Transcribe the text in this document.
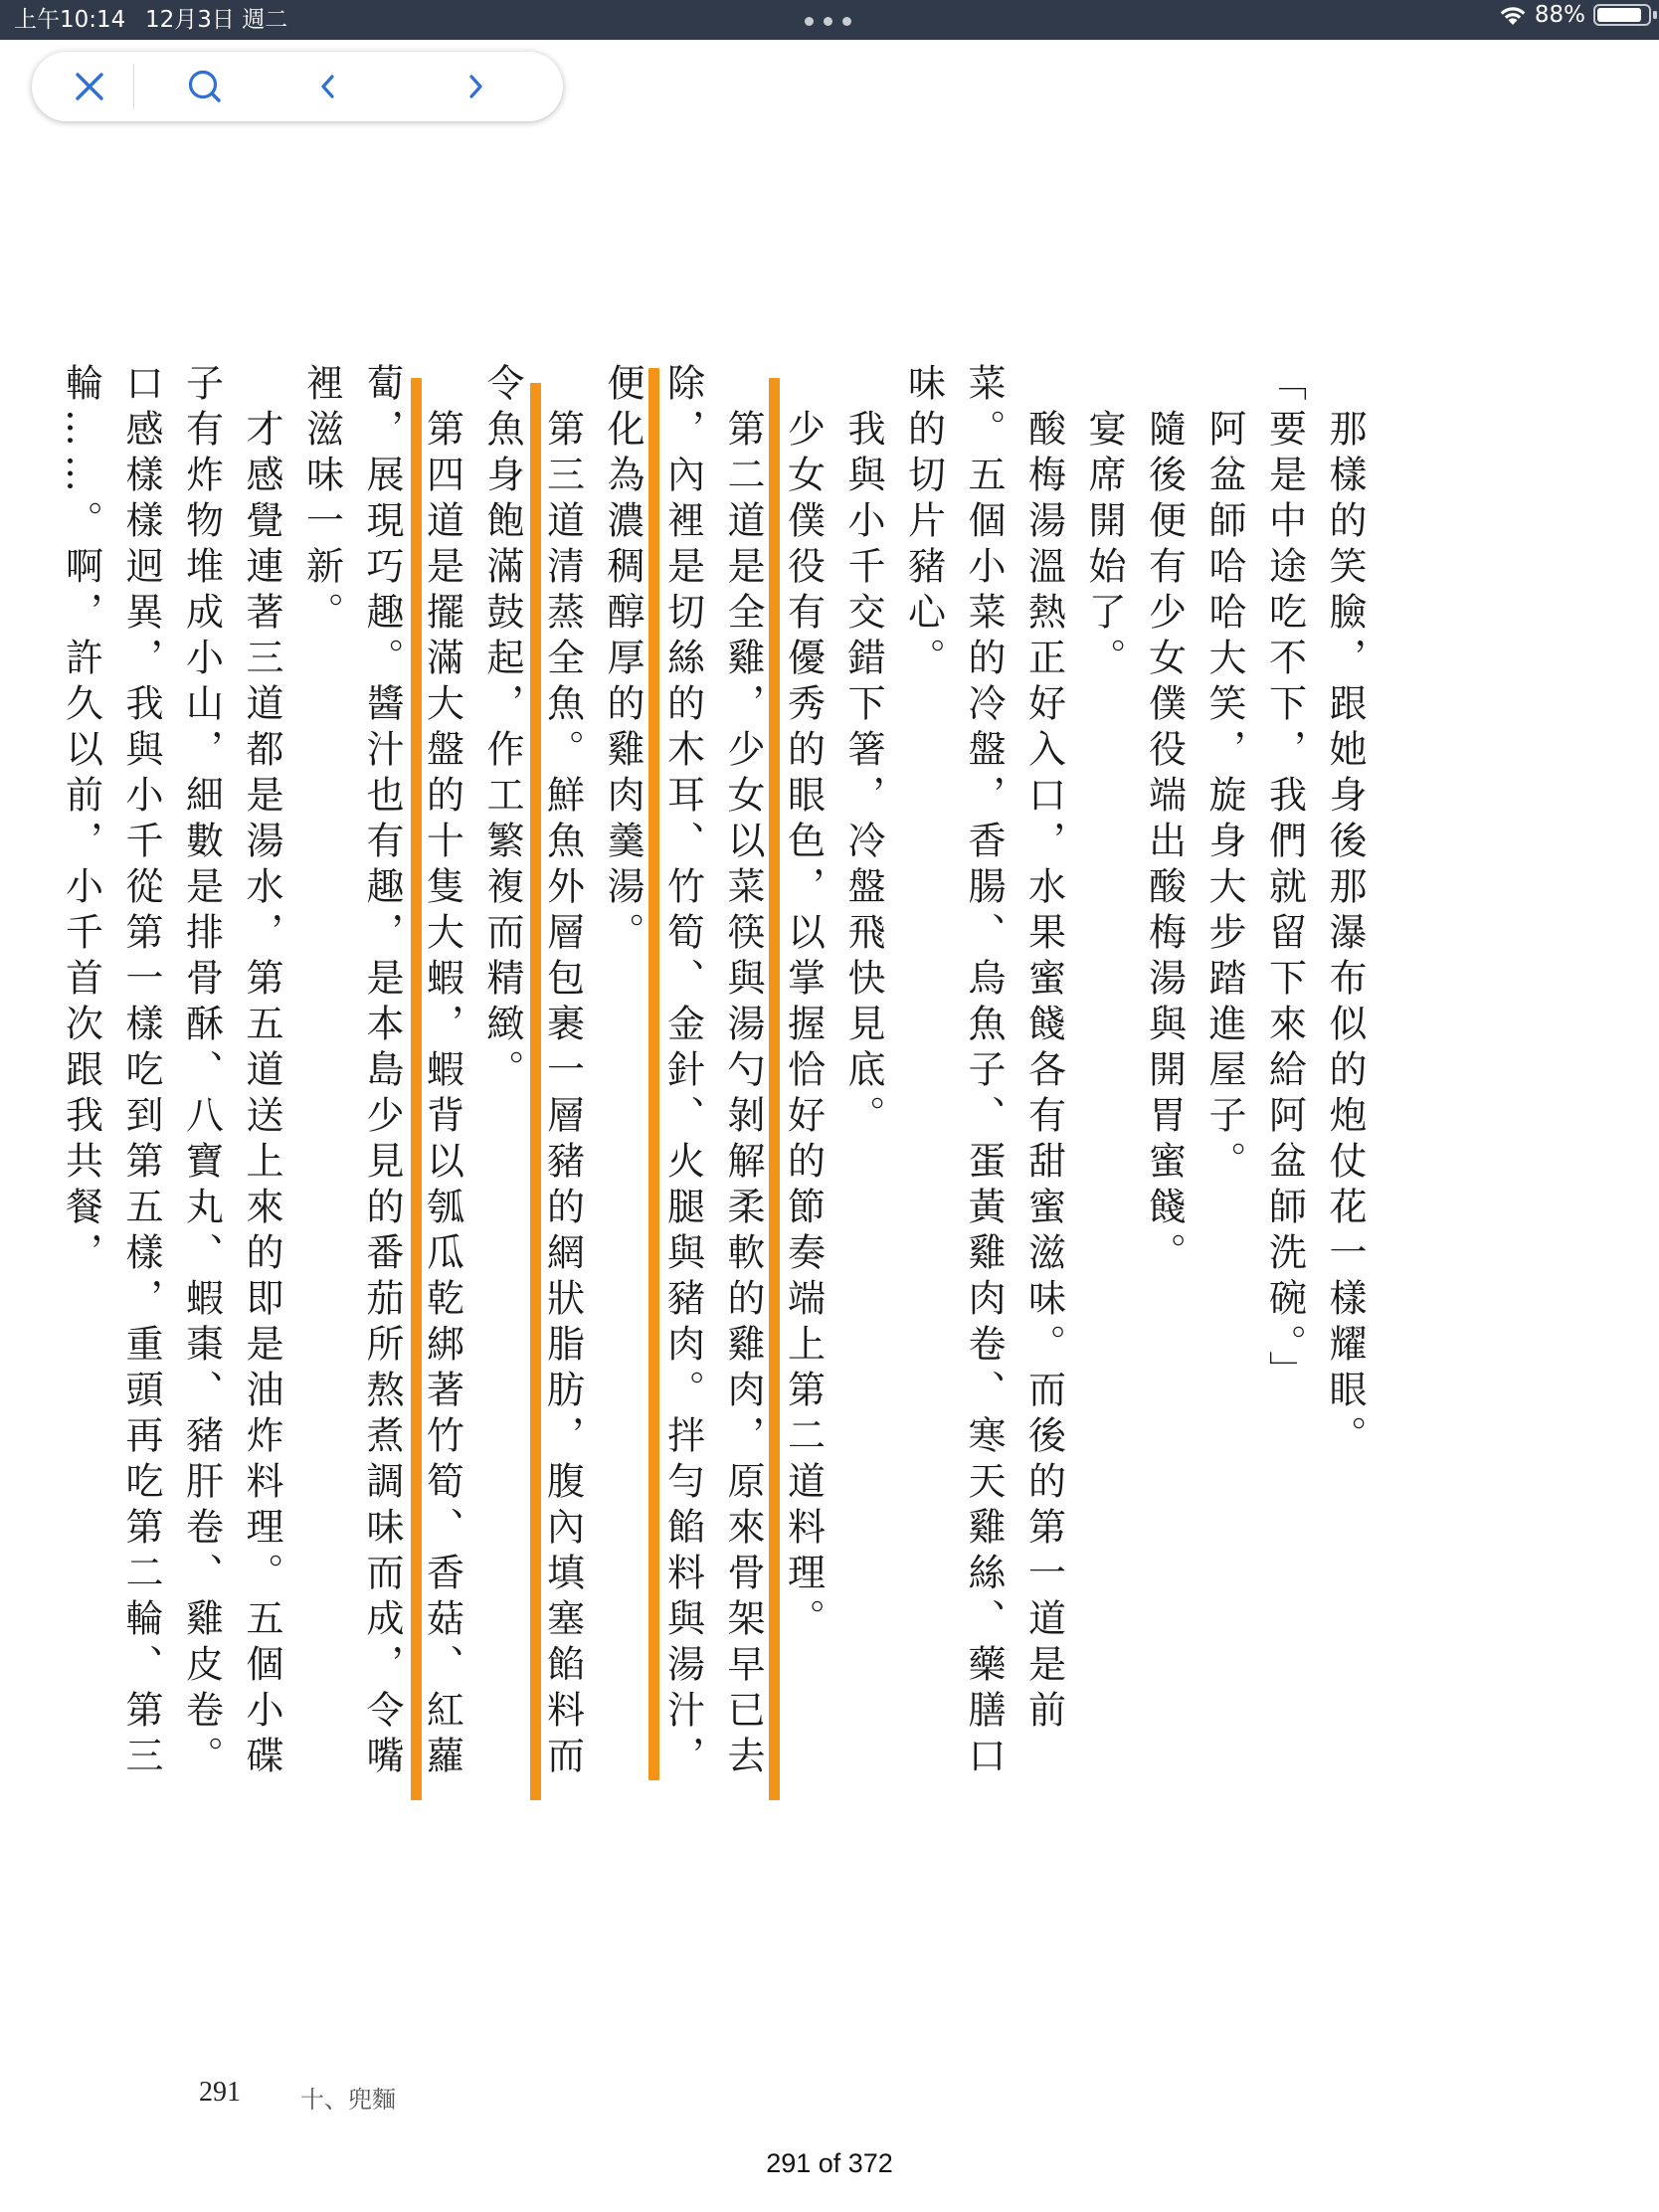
上午10:14 12月3日 週二	88%

那樣的笑臉，跟她身後那瀑布似的炮仗花一樣耀眼。

「要是中途吃不下，我們就留下來給阿盆師洗碗。」

阿盆師哈哈大笑，旋身大步踏進屋子。

隨後便有少女僕役端出酸梅湯與開胃蜜餞。

宴席開始了。

酸梅湯溫熱正好入口，水果蜜餞各有甜蜜滋味。而後的第一道是前菜。五個小菜的冷盤，香腸、烏魚子、蛋黃雞肉卷、寒天雞絲、藥膳口味的切片豬心。

我與小千交錯下箸，冷盤飛快見底。

少女僕役有優秀的眼色，以掌握恰好的節奏端上第二道料理。

第二道是全雞，少女以菜筷與湯勺剝解柔軟的雞肉，原來骨架早已去除，內裡是切絲的木耳、竹筍、金針、火腿與豬肉。拌勻餡料與湯汁，便化為濃稠醇厚的雞肉羹湯。

第三道清蒸全魚。鮮魚外層包裹一層豬的網狀脂肪，腹內填塞餡料而令魚身飽滿鼓起，作工繁複而精緻。

第四道是擺滿大盤的十隻大蝦，蝦背以瓠瓜乾綁著竹筍、香菇、紅蘿蔔，展現巧趣。醬汁也有趣，是本島少見的番茄所熬煮調味而成，令嘴裡滋味一新。

才感覺連著三道都是湯水，第五道送上來的即是油炸料理。五個小碟子有炸物堆成小山，細數是排骨酥、八寶丸、蝦棗、豬肝卷、雞皮卷。口感樣樣迥異，我與小千從第一樣吃到第五樣，重頭再吃第二輪、第三輪……。啊，許久以前，小千首次跟我共餐，

291	十、兜麵
291 of 372
